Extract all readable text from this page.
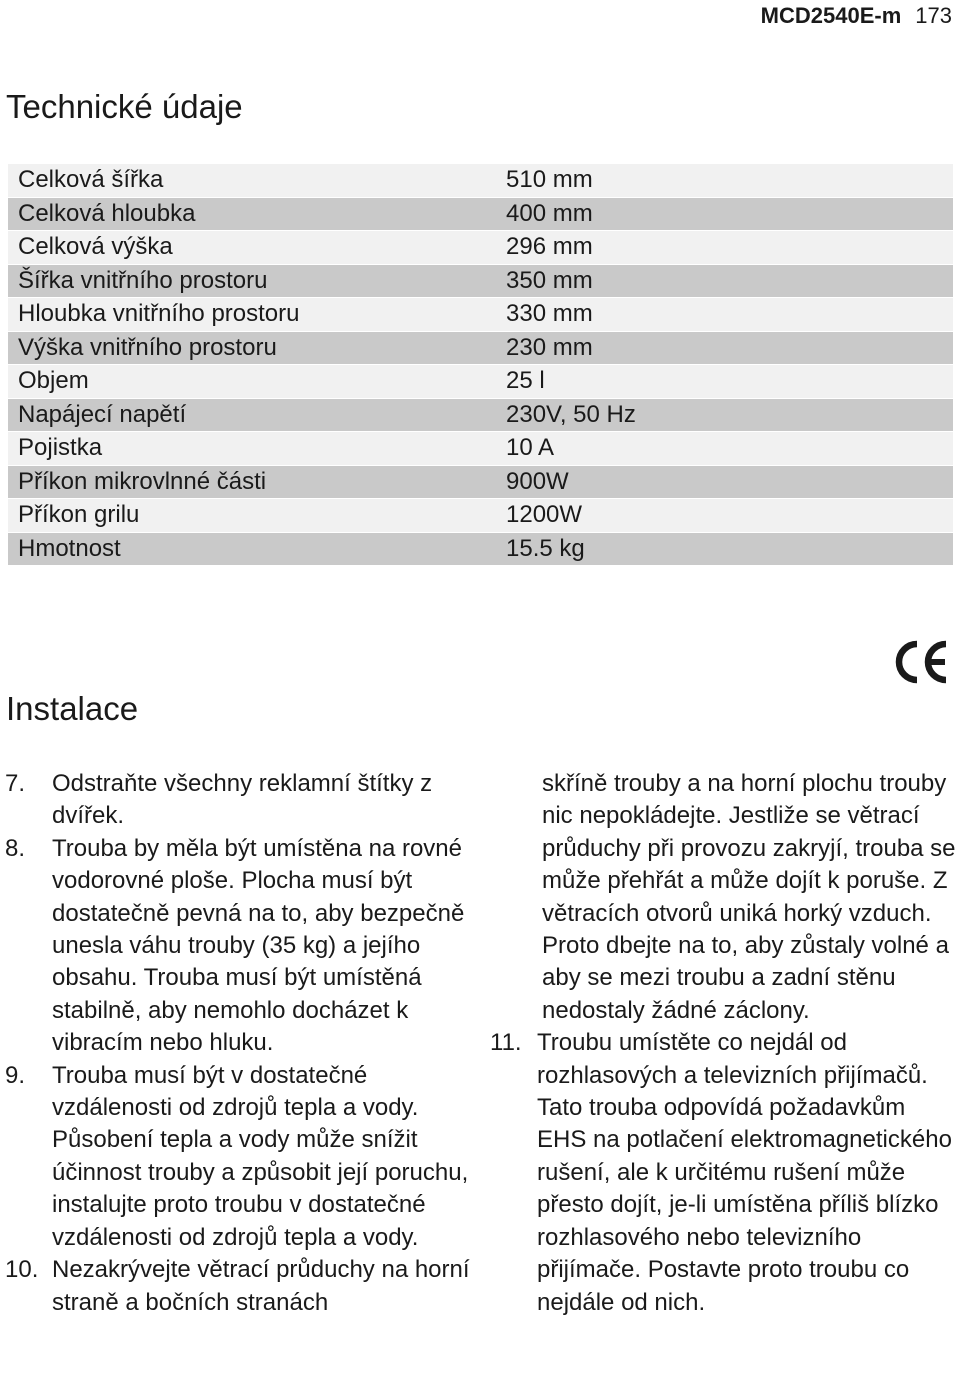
MCD2540E-m 173
Technické údaje
Celková šířka	510 mm
Celková hloubka	400 mm
Celková výška	296 mm
Šířka vnitřního prostoru	350 mm
Hloubka vnitřního prostoru	330 mm
Výška vnitřního prostoru	230 mm
Objem	25 l
Napájecí napětí	230V, 50 Hz
Pojistka	10 A
Příkon mikrovlnné části	900W
Příkon grilu	1200W
Hmotnost	15.5 kg
Instalace
7.	Odstraňte všechny reklamní štítky z dvířek.
8.	Trouba by měla být umístěna na rovné vodorovné ploše. Plocha musí být dostatečně pevná na to, aby bezpečně unesla váhu trouby (35 kg) a jejího obsahu. Trouba musí být umístěná stabilně, aby nemohlo docházet k vibracím nebo hluku.
9.	Trouba musí být v dostatečné vzdálenosti od zdrojů tepla a vody. Působení tepla a vody může snížit účinnost trouby a způsobit její poruchu, instalujte proto troubu v dostatečné vzdálenosti od zdrojů tepla a vody.
10. Nezakrývejte větrací průduchy na horní straně a bočních stranách
skříně trouby a na horní plochu trouby nic nepokládejte. Jestliže se větrací průduchy při provozu zakryjí, trouba se může přehřát a může dojít k poruše. Z větracích otvorů uniká horký vzduch. Proto dbejte na to, aby zůstaly volné a aby se mezi troubu a zadní stěnu nedostaly žádné záclony.
11. Troubu umístěte co nejdál od rozhlasových a televizních přijímačů. Tato trouba odpovídá požadavkům EHS na potlačení elektromagnetického rušení, ale k určitému rušení může přesto dojít, je-li umístěna příliš blízko rozhlasového nebo televizního přijímače. Postavte proto troubu co nejdále od nich.
